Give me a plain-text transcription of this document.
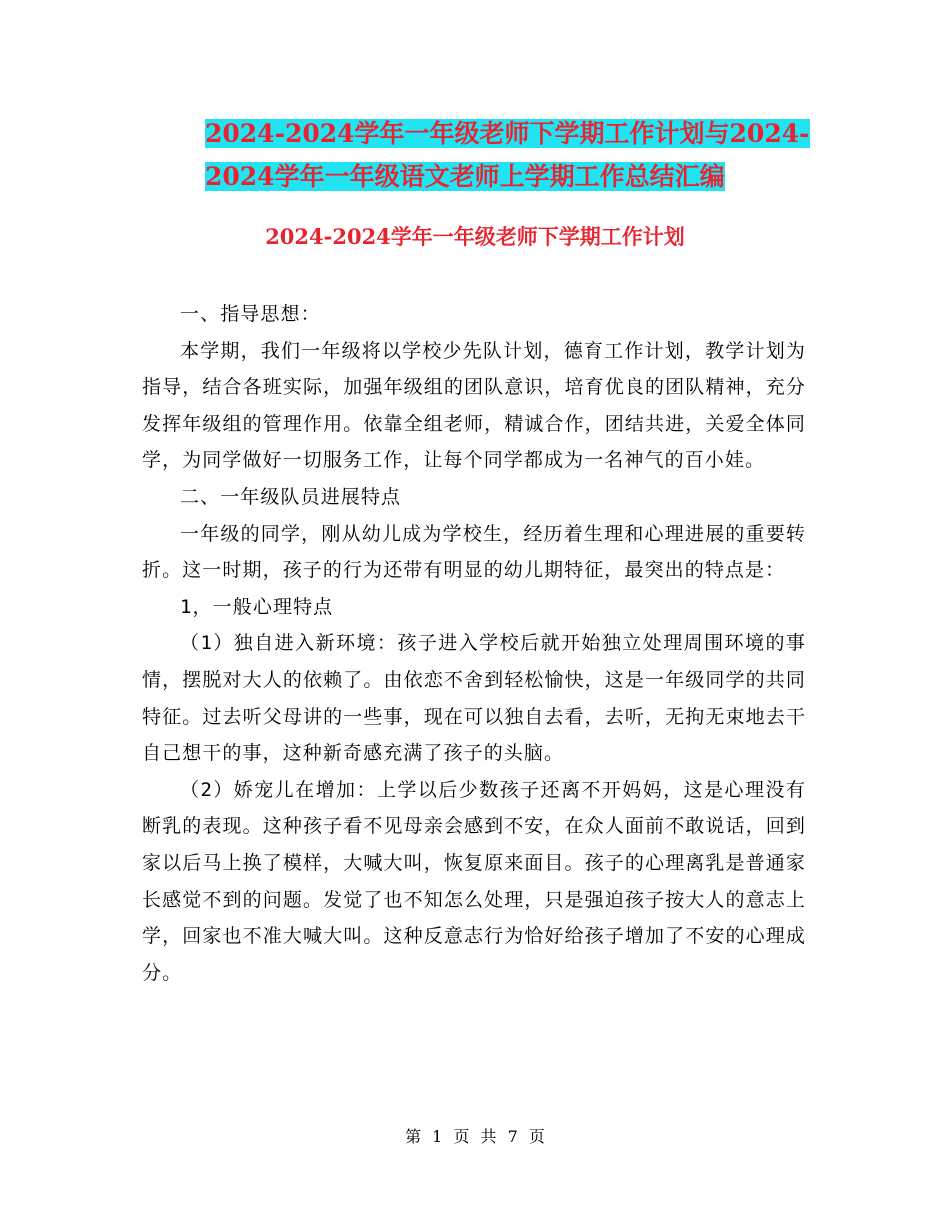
2024-2024学年一年级老师下学期工作计划与2024-
2024学年一年级语文老师上学期工作总结汇编
2024-2024学年一年级老师下学期工作计划

一、指导思想：

本学期，我们一年级将以学校少先队计划，德育工作计划，教学计划为指导，结合各班实际，加强年级组的团队意识，培育优良的团队精神，充分发挥年级组的管理作用。依靠全组老师，精诚合作，团结共进，关爱全体同学，为同学做好一切服务工作，让每个同学都成为一名神气的百小娃。

二、一年级队员进展特点

一年级的同学，刚从幼儿成为学校生，经历着生理和心理进展的重要转折。这一时期，孩子的行为还带有明显的幼儿期特征，最突出的特点是：

1，一般心理特点

（1）独自进入新环境：孩子进入学校后就开始独立处理周围环境的事情，摆脱对大人的依赖了。由依恋不舍到轻松愉快，这是一年级同学的共同特征。过去听父母讲的一些事，现在可以独自去看，去听，无拘无束地去干自己想干的事，这种新奇感充满了孩子的头脑。

（2）娇宠儿在增加：上学以后少数孩子还离不开妈妈，这是心理没有断乳的表现。这种孩子看不见母亲会感到不安，在众人面前不敢说话，回到家以后马上换了模样，大喊大叫，恢复原来面目。孩子的心理离乳是普通家长感觉不到的问题。发觉了也不知怎么处理，只是强迫孩子按大人的意志上学，回家也不准大喊大叫。这种反意志行为恰好给孩子增加了不安的心理成分。

第 1 页 共 7 页
